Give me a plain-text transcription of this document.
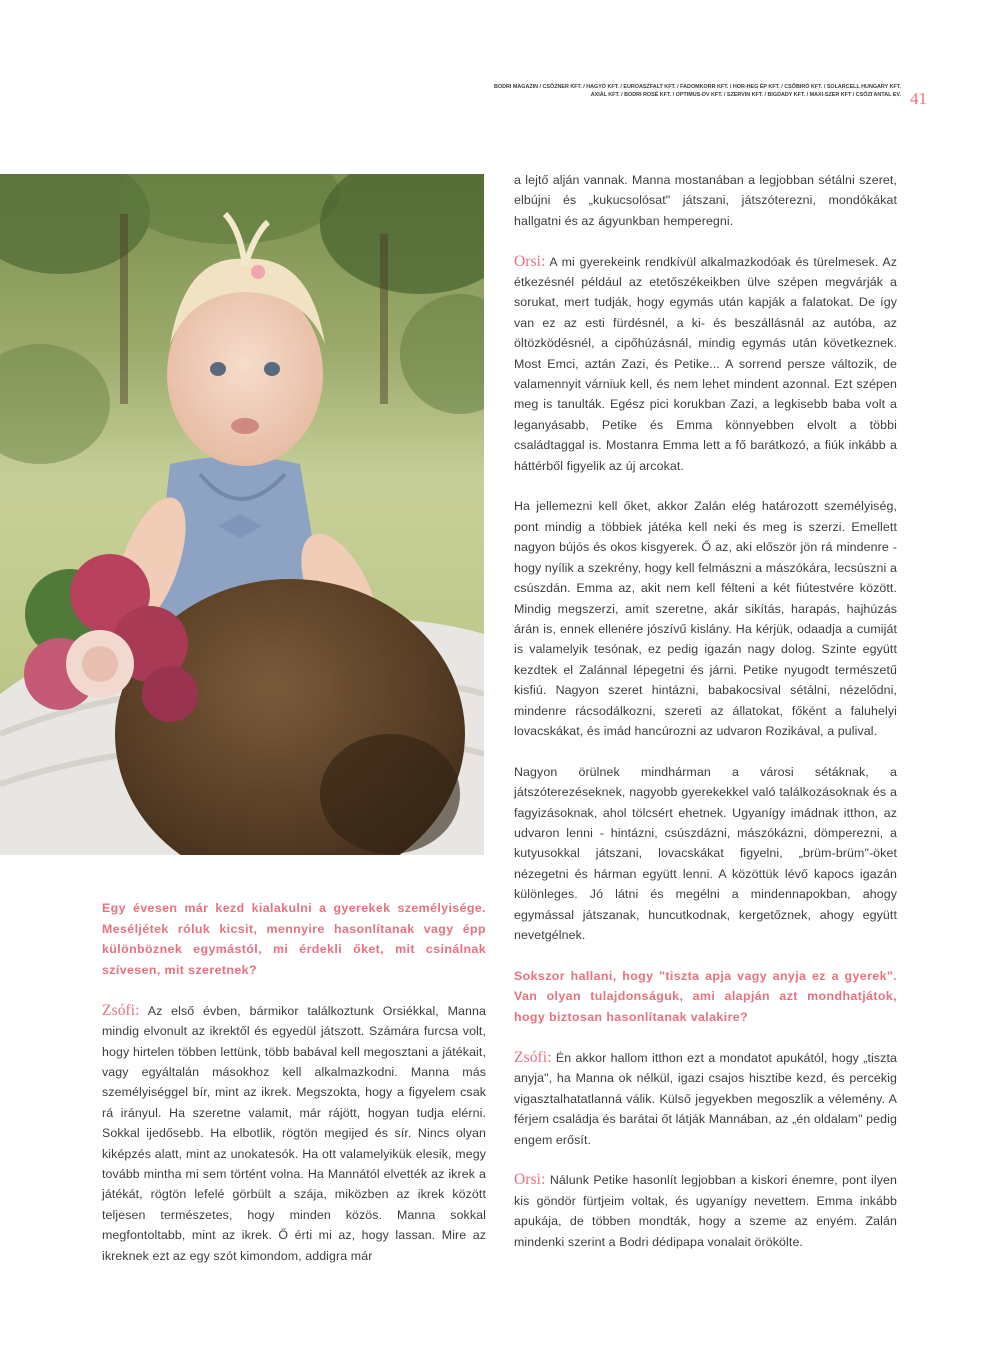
BODRI MAGAZIN / CSŐZNER KFT. / HAGYÓ KFT. / EUROASZFALT KFT. / FADOMKORR KFT. / HOR-HEG ÉP KFT. / CSŐBIRÓ KFT. / SOLARCELL HUNGARY KFT.
AXIÁL KFT. / BODRI ROSÉ KFT. / OPTIMUS-DV KFT. / SZERVIN KFT. / BIGDADY KFT. / MAXI-SZER KFT / CSŐZI ANTAL EV. 41

Egy évesen már kezd kialakulni a gyerekek személyisége. Meséljétek róluk kicsit, mennyire hasonlítanak vagy épp különböznek egymástól, mi érdekli őket, mit csinálnak szívesen, mit szeretnek?

Zsófi: Az első évben, bármikor találkoztunk Orsiékkal, Manna mindig elvonult az ikrektől és egyedül játszott. Számára furcsa volt, hogy hirtelen többen lettünk, több babával kell megosztani a játékait, vagy egyáltalán másokhoz kell alkalmazkodni. Manna más személyiséggel bír, mint az ikrek. Megszokta, hogy a figyelem csak rá irányul. Ha szeretne valamit, már rájött, hogyan tudja elérni. Sokkal ijedősebb. Ha elbotlik, rögtön megijed és sír. Nincs olyan kiképzés alatt, mint az unokatesók. Ha ott valamelyikük elesik, megy tovább mintha mi sem történt volna. Ha Mannától elvették az ikrek a játékát, rögtön lefelé görbült a szája, miközben az ikrek között teljesen természetes, hogy minden közös. Manna sokkal megfontoltabb, mint az ikrek. Ő érti mi az, hogy lassan. Mire az ikreknek ezt az egy szót kimondom, addigra már

a lejtő alján vannak. Manna mostanában a legjobban sétálni szeret, elbújni és „kukucsolósat" játszani, játszóterezni, mondókákat hallgatni és az ágyunkban hemperegni.

Orsi: A mi gyerekeink rendkívül alkalmazkodóak és türelmesek. Az étkezésnél például az etetőszékeikben ülve szépen megvárják a sorukat, mert tudják, hogy egymás után kapják a falatokat. De így van ez az esti fürdésnél, a ki- és beszállásnál az autóba, az öltözködésnél, a cipőhúzásnál, mindig egymás után következnek. Most Emci, aztán Zazi, és Petike... A sorrend persze változik, de valamennyit várniuk kell, és nem lehet mindent azonnal. Ezt szépen meg is tanulták. Egész pici korukban Zazi, a legkisebb baba volt a leganyásabb, Petike és Emma könnyebben elvolt a többi családtaggal is. Mostanra Emma lett a fő barátkozó, a fiúk inkább a háttérből figyelik az új arcokat.

Ha jellemezni kell őket, akkor Zalán elég határozott személyiség, pont mindig a többiek játéka kell neki és meg is szerzi. Emellett nagyon bújós és okos kisgyerek. Ő az, aki először jön rá mindenre - hogy nyílik a szekrény, hogy kell felmászni a mászókára, lecsúszni a csúszdán. Emma az, akit nem kell félteni a két fiútestvére között. Mindig megszerzi, amit szeretne, akár sikítás, harapás, hajhúzás árán is, ennek ellenére jószívű kislány. Ha kérjük, odaadja a cumiját is valamelyik tesónak, ez pedig igazán nagy dolog. Szinte együtt kezdtek el Zalánnal lépegetni és járni. Petike nyugodt természetű kisfiú. Nagyon szeret hintázni, babakocsival sétálni, nézelődni, mindenre rácsodálkozni, szereti az állatokat, főként a faluhelyi lovacskákat, és imád hancúrozni az udvaron Rozikával, a pulival.

Nagyon örülnek mindhárman a városi sétáknak, a játszóterezéseknek, nagyobb gyerekekkel való találkozásoknak és a fagyizásoknak, ahol tölcsért ehetnek. Ugyanígy imádnak itthon, az udvaron lenni - hintázni, csúszdázni, mászókázni, dömperezni, a kutyusokkal játszani, lovacskákat figyelni, „brüm-brüm"-öket nézegetni és hárman együtt lenni. A közöttük lévő kapocs igazán különleges. Jó látni és megélni a mindennapokban, ahogy egymással játszanak, huncutkodnak, kergetőznek, ahogy együtt nevetgélnek.

Sokszor hallani, hogy "tiszta apja vagy anyja ez a gyerek". Van olyan tulajdonságuk, ami alapján azt mondhatjátok, hogy biztosan hasonlítanak valakire?

Zsófi: Én akkor hallom itthon ezt a mondatot apukától, hogy „tiszta anyja", ha Manna ok nélkül, igazi csajos hisztibe kezd, és percekig vigasztalhatatlanná válik. Külső jegyekben megoszlik a vélemény. A férjem családja és barátai őt látják Mannában, az „én oldalam" pedig engem erősít.

Orsi: Nálunk Petike hasonlít legjobban a kiskori énemre, pont ilyen kis göndör fürtjeim voltak, és ugyanígy nevettem. Emma inkább apukája, de többen mondták, hogy a szeme az enyém. Zalán mindenki szerint a Bodri dédipapa vonalait örökölte.
